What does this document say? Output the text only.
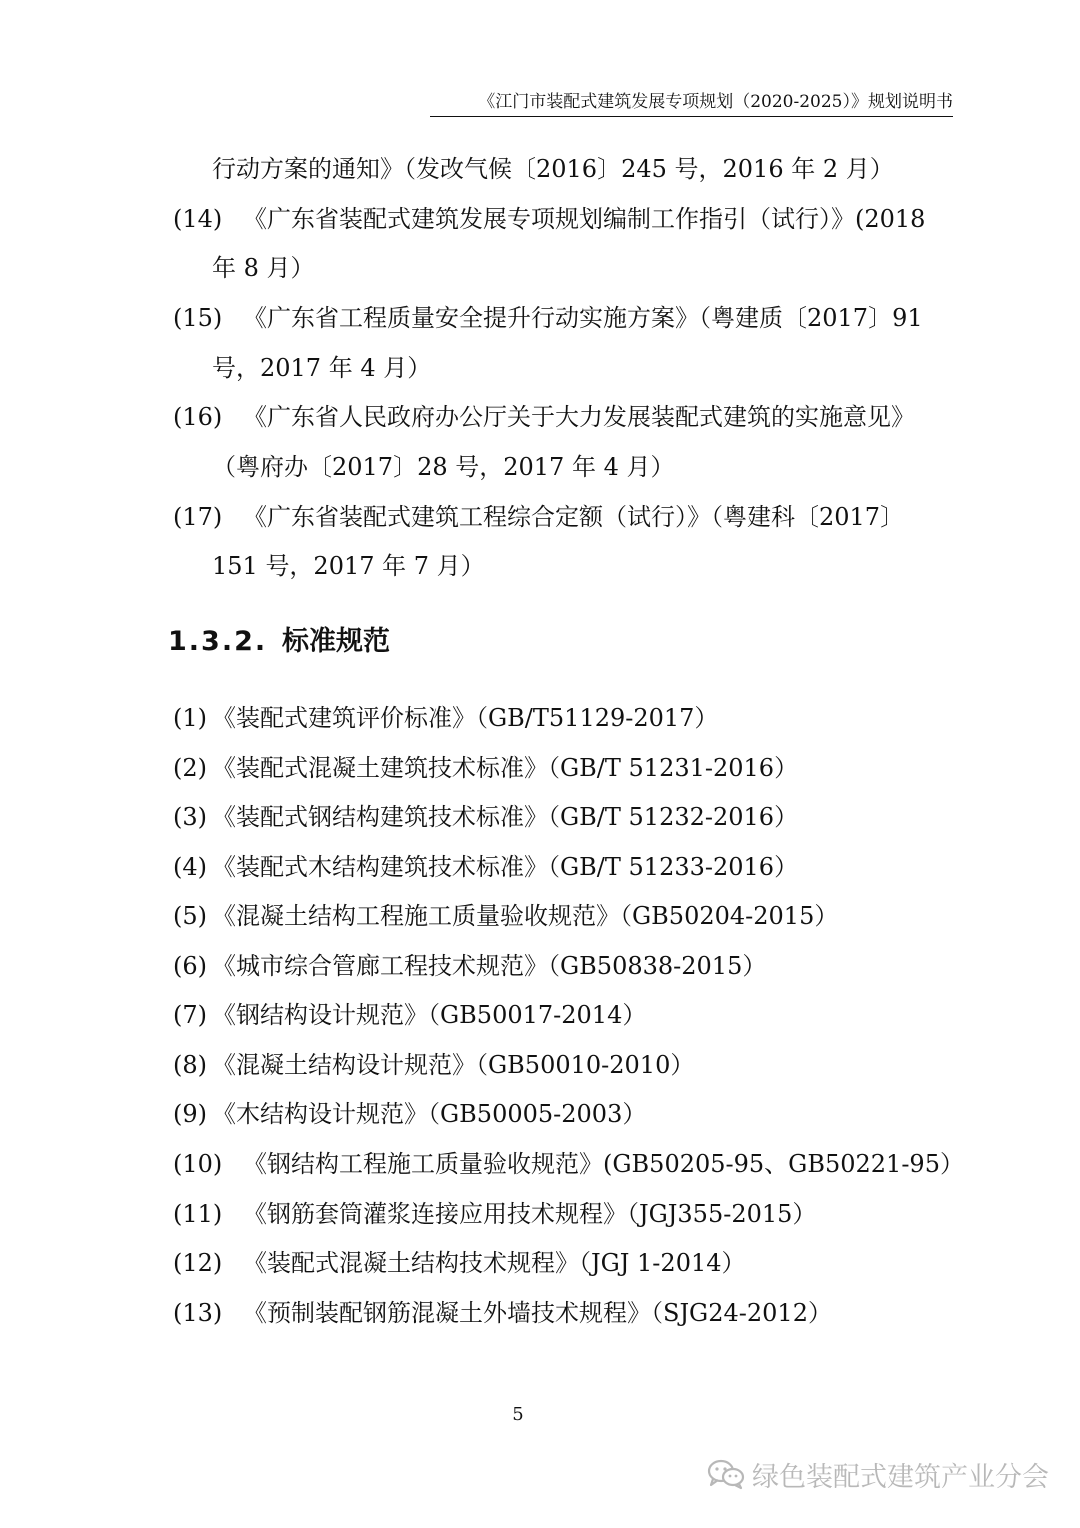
《江门市装配式建筑发展专项规划（2020-2025）》规划说明书
行动方案的通知》（发改气候〔2016〕245 号，2016 年 2 月）
(14) 《广东省装配式建筑发展专项规划编制工作指引（试行）》(2018
年 8 月）
(15) 《广东省工程质量安全提升行动实施方案》（粤建质〔2017〕91
号，2017 年 4 月）
(16) 《广东省人民政府办公厅关于大力发展装配式建筑的实施意见》
（粤府办〔2017〕28 号，2017 年 4 月）
(17) 《广东省装配式建筑工程综合定额（试行）》（粤建科〔2017〕
151 号，2017 年 7 月）
1.3.2. 标准规范
(1) 《装配式建筑评价标准》（GB/T51129-2017）
(2) 《装配式混凝土建筑技术标准》（GB/T 51231-2016）
(3) 《装配式钢结构建筑技术标准》（GB/T 51232-2016）
(4) 《装配式木结构建筑技术标准》（GB/T 51233-2016）
(5) 《混凝土结构工程施工质量验收规范》（GB50204-2015）
(6) 《城市综合管廊工程技术规范》（GB50838-2015）
(7) 《钢结构设计规范》（GB50017-2014）
(8) 《混凝土结构设计规范》（GB50010-2010）
(9) 《木结构设计规范》（GB50005-2003）
(10) 《钢结构工程施工质量验收规范》(GB50205-95、GB50221-95）
(11) 《钢筋套筒灌浆连接应用技术规程》（JGJ355-2015）
(12) 《装配式混凝土结构技术规程》（JGJ 1-2014）
(13) 《预制装配钢筋混凝土外墙技术规程》（SJG24-2012）
5
绿色装配式建筑产业分会
